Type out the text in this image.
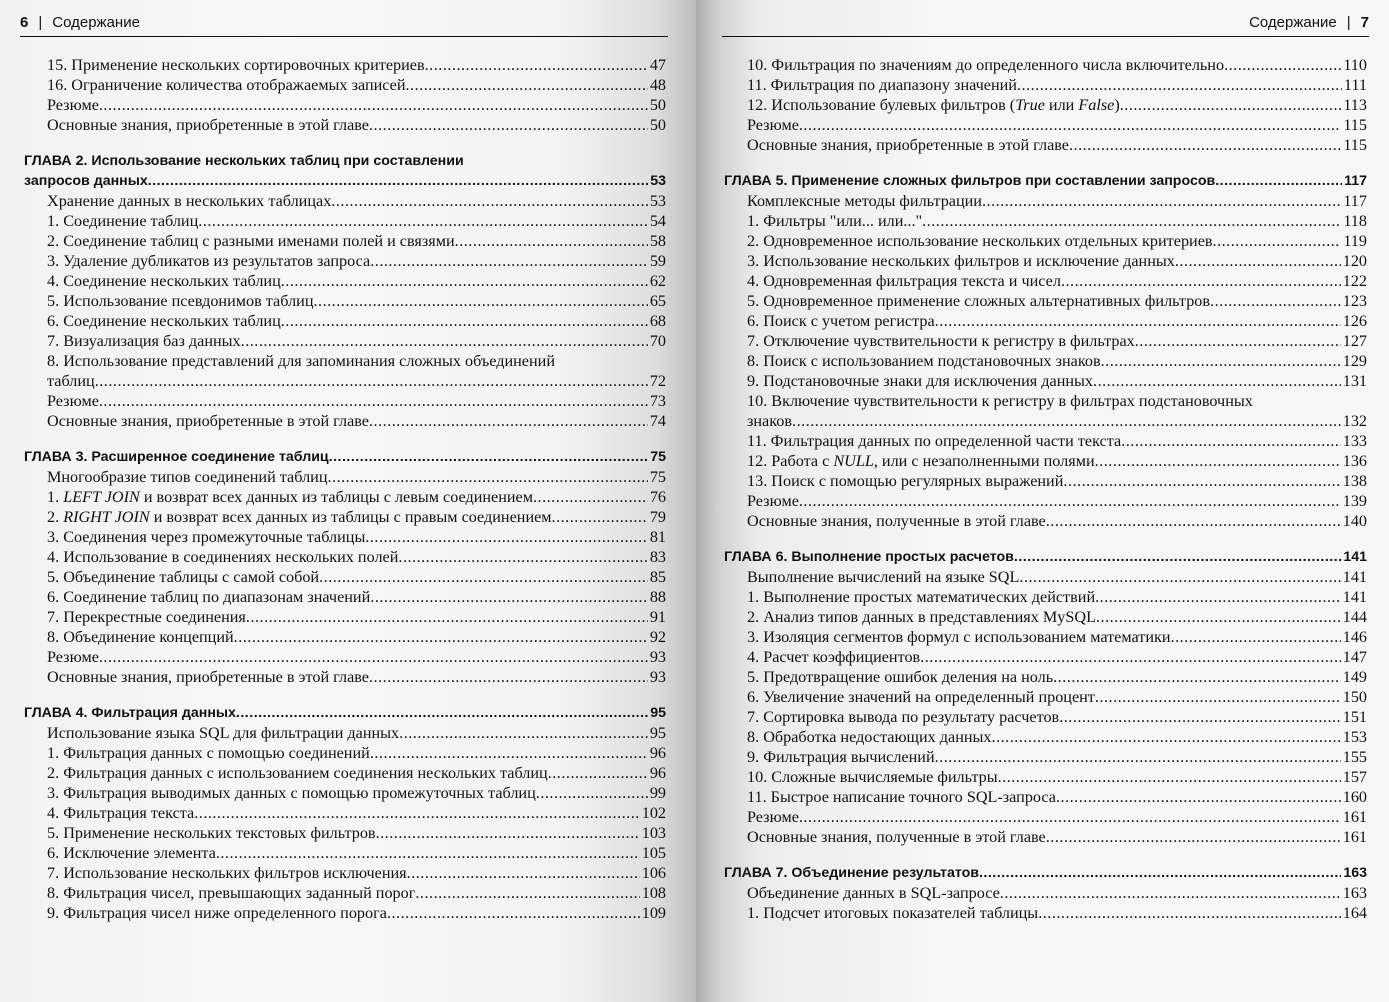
6 | Содержание
15. Применение нескольких сортировочных критериев .....	47
16. Ограничение количества отображаемых записей .....	48
Резюме .....	50
Основные знания, приобретенные в этой главе .....	50
ГЛАВА 2. Использование нескольких таблиц при составлении
запросов данных .....	53
Хранение данных в нескольких таблицах .....	53
1. Соединение таблиц .....	54
2. Соединение таблиц с разными именами полей и связями .....	58
3. Удаление дубликатов из результатов запроса .....	59
4. Соединение нескольких таблиц .....	62
5. Использование псевдонимов таблиц .....	65
6. Соединение нескольких таблиц .....	68
7. Визуализация баз данных .....	70
8. Использование представлений для запоминания сложных объединений
таблиц .....	72
Резюме .....	73
Основные знания, приобретенные в этой главе .....	74
ГЛАВА 3. Расширенное соединение таблиц .....	75
Многообразие типов соединений таблиц .....	75
1. LEFT JOIN и возврат всех данных из таблицы с левым соединением .....	76
2. RIGHT JOIN и возврат всех данных из таблицы с правым соединением .....	79
3. Соединения через промежуточные таблицы .....	81
4. Использование в соединениях нескольких полей .....	83
5. Объединение таблицы с самой собой .....	85
6. Соединение таблиц по диапазонам значений .....	88
7. Перекрестные соединения .....	91
8. Объединение концепций .....	92
Резюме .....	93
Основные знания, приобретенные в этой главе .....	93
ГЛАВА 4. Фильтрация данных .....	95
Использование языка SQL для фильтрации данных .....	95
1. Фильтрация данных с помощью соединений .....	96
2. Фильтрация данных с использованием соединения нескольких таблиц .....	96
3. Фильтрация выводимых данных с помощью промежуточных таблиц .....	99
4. Фильтрация текста .....	102
5. Применение нескольких текстовых фильтров .....	103
6. Исключение элемента .....	105
7. Использование нескольких фильтров исключения .....	106
8. Фильтрация чисел, превышающих заданный порог .....	108
9. Фильтрация чисел ниже определенного порога .....	109
Содержание | 7
10. Фильтрация по значениям до определенного числа включительно .....	110
11. Фильтрация по диапазону значений .....	111
12. Использование булевых фильтров (True или False) .....	113
Резюме .....	115
Основные знания, приобретенные в этой главе .....	115
ГЛАВА 5. Применение сложных фильтров при составлении запросов .....	117
Комплексные методы фильтрации .....	117
1. Фильтры "или... или..." .....	118
2. Одновременное использование нескольких отдельных критериев .....	119
3. Использование нескольких фильтров и исключение данных .....	120
4. Одновременная фильтрация текста и чисел .....	122
5. Одновременное применение сложных альтернативных фильтров .....	123
6. Поиск с учетом регистра .....	126
7. Отключение чувствительности к регистру в фильтрах .....	127
8. Поиск с использованием подстановочных знаков .....	129
9. Подстановочные знаки для исключения данных .....	131
10. Включение чувствительности к регистру в фильтрах подстановочных
знаков .....	132
11. Фильтрация данных по определенной части текста .....	133
12. Работа с NULL, или с незаполненными полями .....	136
13. Поиск с помощью регулярных выражений .....	138
Резюме .....	139
Основные знания, полученные в этой главе .....	140
ГЛАВА 6. Выполнение простых расчетов .....	141
Выполнение вычислений на языке SQL .....	141
1. Выполнение простых математических действий .....	141
2. Анализ типов данных в представлениях MySQL .....	144
3. Изоляция сегментов формул с использованием математики .....	146
4. Расчет коэффициентов .....	147
5. Предотвращение ошибок деления на ноль .....	149
6. Увеличение значений на определенный процент .....	150
7. Сортировка вывода по результату расчетов .....	151
8. Обработка недостающих данных .....	153
9. Фильтрация вычислений .....	155
10. Сложные вычисляемые фильтры .....	157
11. Быстрое написание точного SQL-запроса .....	160
Резюме .....	161
Основные знания, полученные в этой главе .....	161
ГЛАВА 7. Объединение результатов .....	163
Объединение данных в SQL-запросе .....	163
1. Подсчет итоговых показателей таблицы .....	164
